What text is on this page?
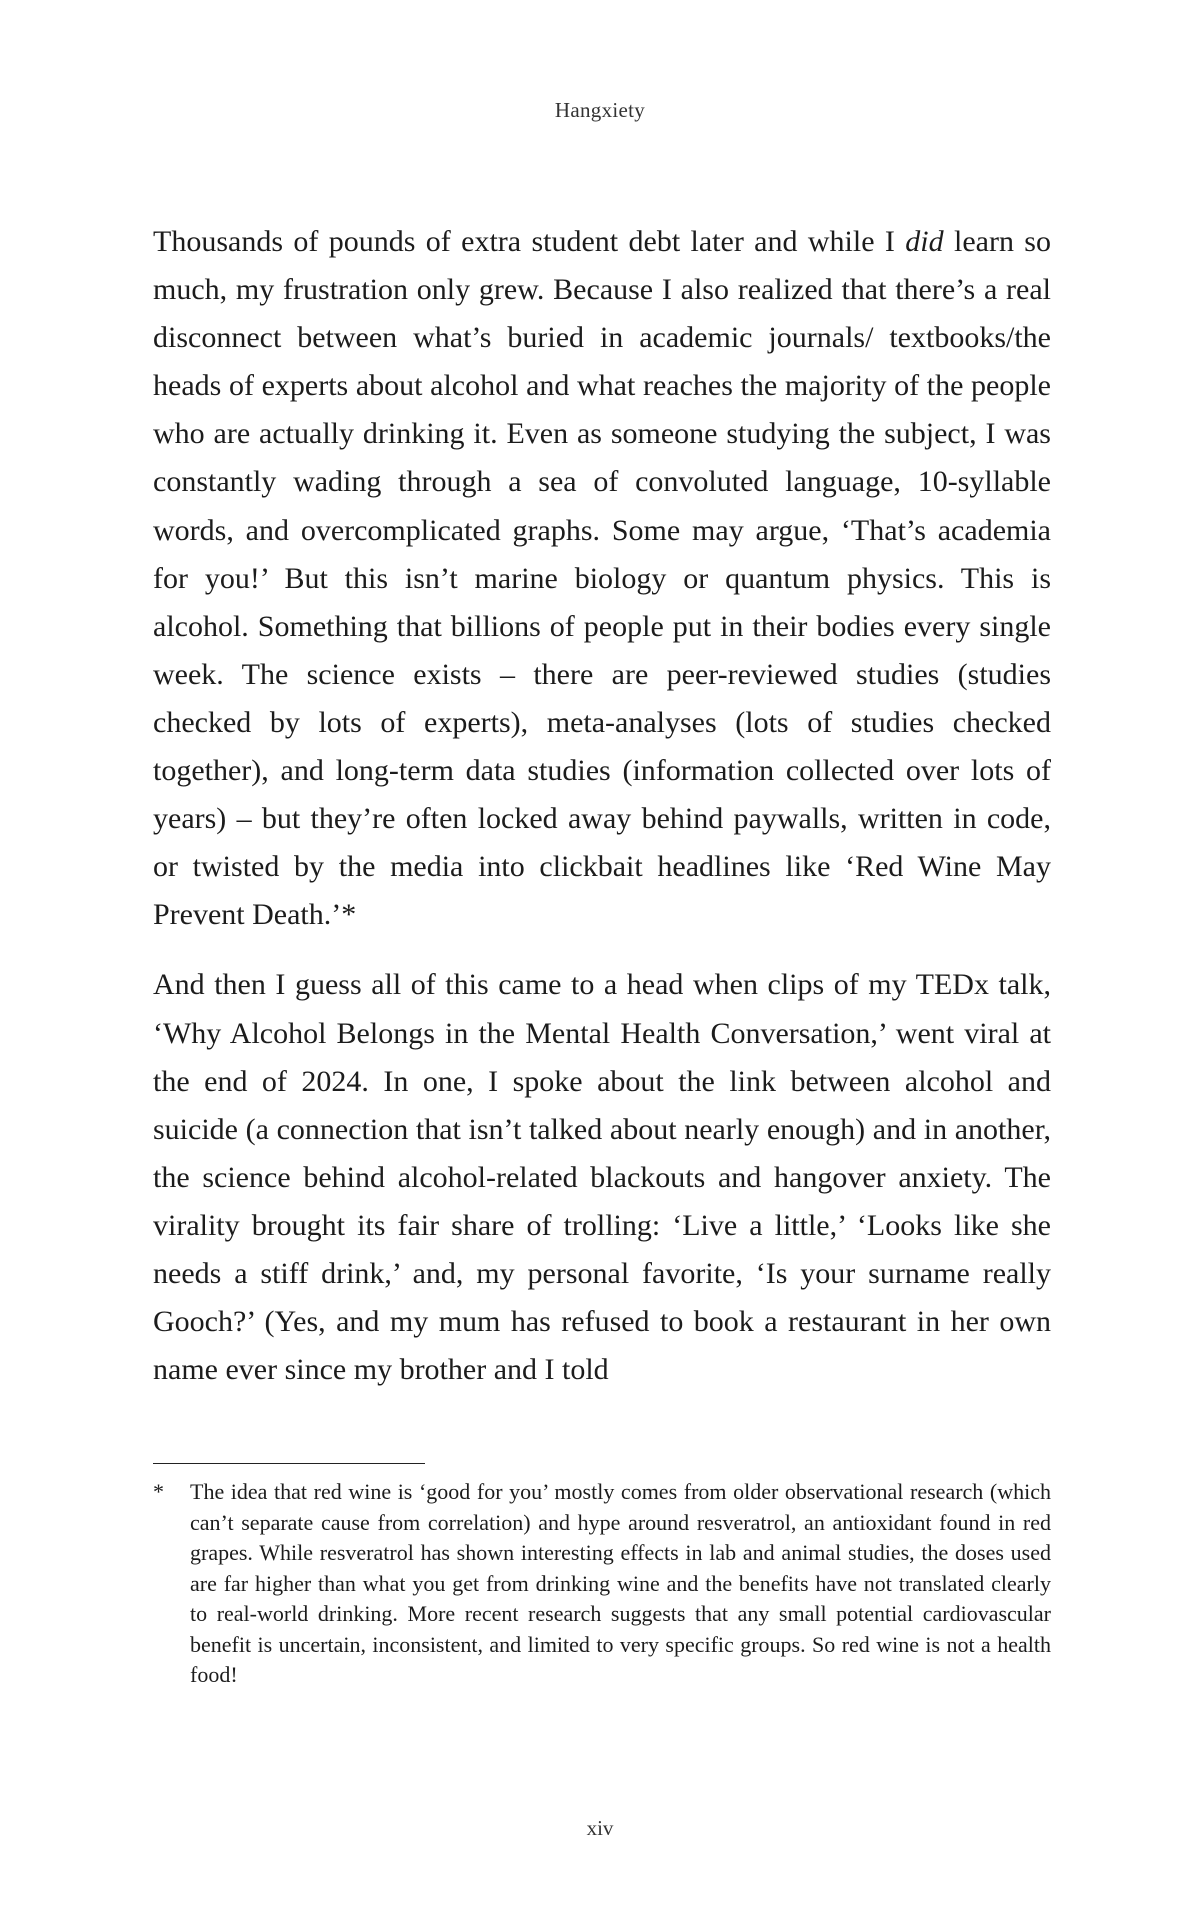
Hangxiety

Thousands of pounds of extra student debt later and while I did learn so much, my frustration only grew. Because I also realized that there’s a real disconnect between what’s buried in academic journals/ textbooks/the heads of experts about alcohol and what reaches the majority of the people who are actually drinking it. Even as someone studying the subject, I was constantly wading through a sea of convoluted language, 10-syllable words, and overcomplicated graphs. Some may argue, ‘That’s academia for you!’ But this isn’t marine biology or quantum physics. This is alcohol. Something that billions of people put in their bodies every single week. The science exists – there are peer-reviewed studies (studies checked by lots of experts), meta-analyses (lots of studies checked together), and long-term data studies (information collected over lots of years) – but they’re often locked away behind paywalls, written in code, or twisted by the media into clickbait headlines like ‘Red Wine May Prevent Death.’*

And then I guess all of this came to a head when clips of my TEDx talk, ‘Why Alcohol Belongs in the Mental Health Conversation,’ went viral at the end of 2024. In one, I spoke about the link between alcohol and suicide (a connection that isn’t talked about nearly enough) and in another, the science behind alcohol-related blackouts and hangover anxiety. The virality brought its fair share of trolling: ‘Live a little,’ ‘Looks like she needs a stiff drink,’ and, my personal favorite, ‘Is your surname really Gooch?’ (Yes, and my mum has refused to book a restaurant in her own name ever since my brother and I told

* The idea that red wine is ‘good for you’ mostly comes from older observational research (which can’t separate cause from correlation) and hype around resveratrol, an antioxidant found in red grapes. While resveratrol has shown interesting effects in lab and animal studies, the doses used are far higher than what you get from drinking wine and the benefits have not translated clearly to real-world drinking. More recent research suggests that any small potential cardiovascular benefit is uncertain, inconsistent, and limited to very specific groups. So red wine is not a health food!

xiv
